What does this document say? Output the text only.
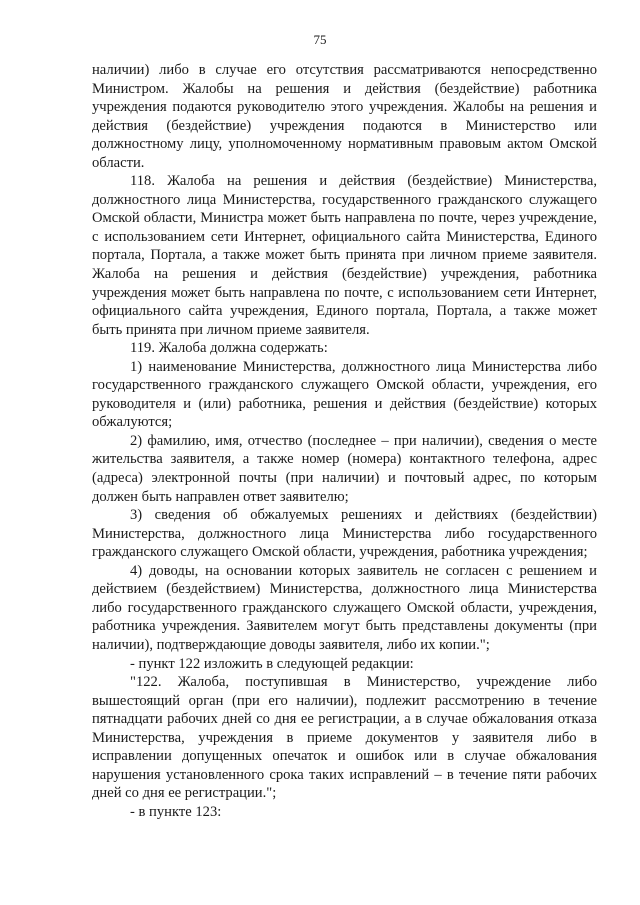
75

наличии) либо в случае его отсутствия рассматриваются непосредственно Министром. Жалобы на решения и действия (бездействие) работника учреждения подаются руководителю этого учреждения. Жалобы на решения и действия (бездействие) учреждения подаются в Министерство или должностному лицу, уполномоченному нормативным правовым актом Омской области.

118. Жалоба на решения и действия (бездействие) Министерства, должностного лица Министерства, государственного гражданского служащего Омской области, Министра может быть направлена по почте, через учреждение, с использованием сети Интернет, официального сайта Министерства, Единого портала, Портала, а также может быть принята при личном приеме заявителя. Жалоба на решения и действия (бездействие) учреждения, работника учреждения может быть направлена по почте, с использованием сети Интернет, официального сайта учреждения, Единого портала, Портала, а также может быть принята при личном приеме заявителя.

119. Жалоба должна содержать:

1) наименование Министерства, должностного лица Министерства либо государственного гражданского служащего Омской области, учреждения, его руководителя и (или) работника, решения и действия (бездействие) которых обжалуются;

2) фамилию, имя, отчество (последнее – при наличии), сведения о месте жительства заявителя, а также номер (номера) контактного телефона, адрес (адреса) электронной почты (при наличии) и почтовый адрес, по которым должен быть направлен ответ заявителю;

3) сведения об обжалуемых решениях и действиях (бездействии) Министерства, должностного лица Министерства либо государственного гражданского служащего Омской области, учреждения, работника учреждения;

4) доводы, на основании которых заявитель не согласен с решением и действием (бездействием) Министерства, должностного лица Министерства либо государственного гражданского служащего Омской области, учреждения, работника учреждения. Заявителем могут быть представлены документы (при наличии), подтверждающие доводы заявителя, либо их копии.";

- пункт 122 изложить в следующей редакции:

"122. Жалоба, поступившая в Министерство, учреждение либо вышестоящий орган (при его наличии), подлежит рассмотрению в течение пятнадцати рабочих дней со дня ее регистрации, а в случае обжалования отказа Министерства, учреждения в приеме документов у заявителя либо в исправлении допущенных опечаток и ошибок или в случае обжалования нарушения установленного срока таких исправлений – в течение пяти рабочих дней со дня ее регистрации.";

- в пункте 123:
